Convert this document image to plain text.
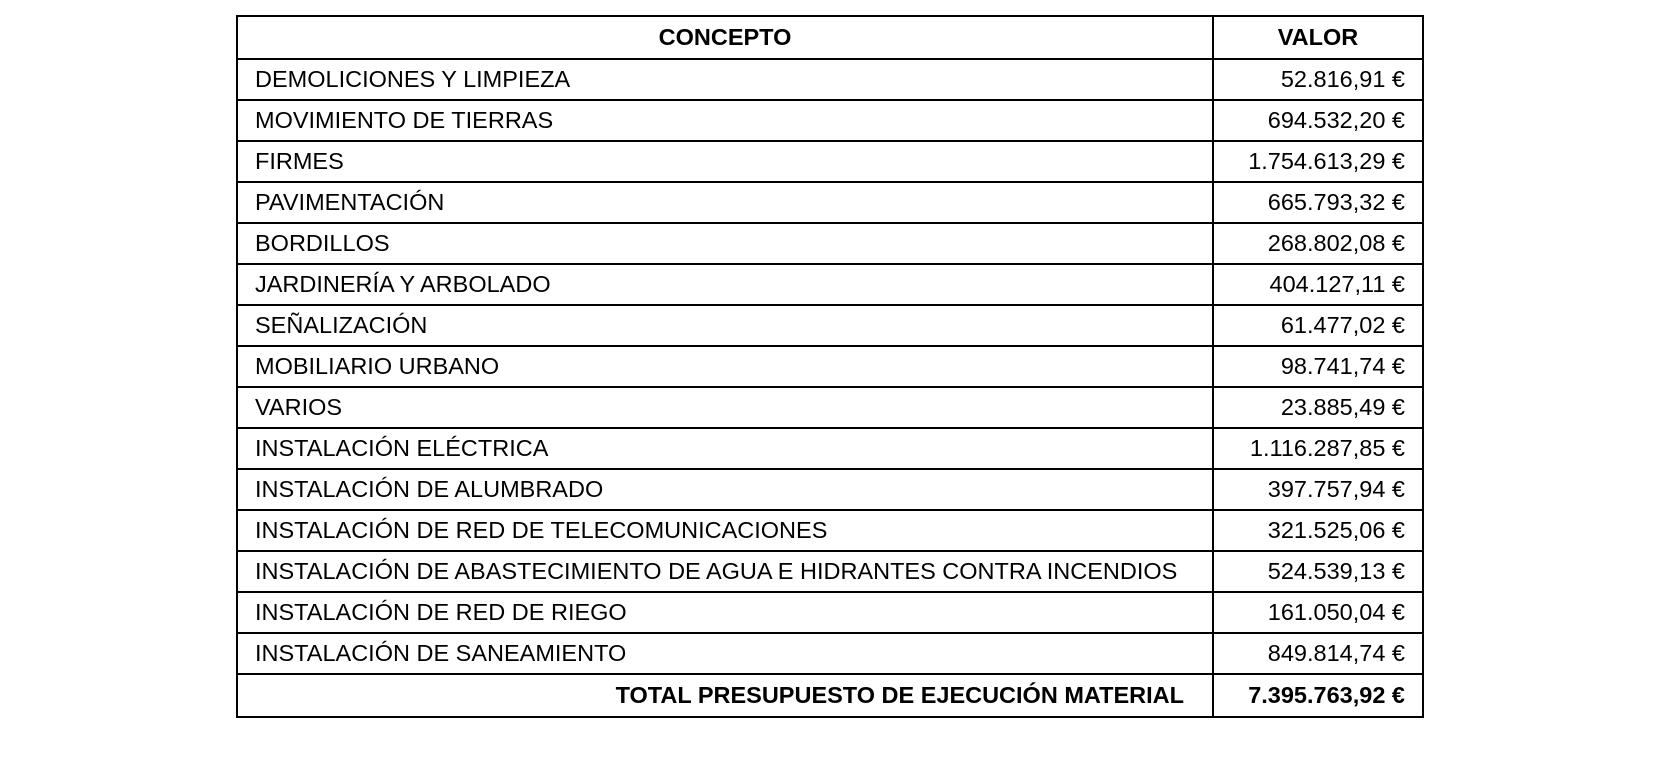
CONCEPTO	VALOR
DEMOLICIONES Y LIMPIEZA	52.816,91 €
MOVIMIENTO DE TIERRAS	694.532,20 €
FIRMES	1.754.613,29 €
PAVIMENTACIÓN	665.793,32 €
BORDILLOS	268.802,08 €
JARDINERÍA Y ARBOLADO	404.127,11 €
SEÑALIZACIÓN	61.477,02 €
MOBILIARIO URBANO	98.741,74 €
VARIOS	23.885,49 €
INSTALACIÓN ELÉCTRICA	1.116.287,85 €
INSTALACIÓN DE ALUMBRADO	397.757,94 €
INSTALACIÓN DE RED DE TELECOMUNICACIONES	321.525,06 €
INSTALACIÓN DE ABASTECIMIENTO DE AGUA E HIDRANTES CONTRA INCENDIOS	524.539,13 €
INSTALACIÓN DE RED DE RIEGO	161.050,04 €
INSTALACIÓN DE SANEAMIENTO	849.814,74 €
TOTAL PRESUPUESTO DE EJECUCIÓN MATERIAL	7.395.763,92 €
